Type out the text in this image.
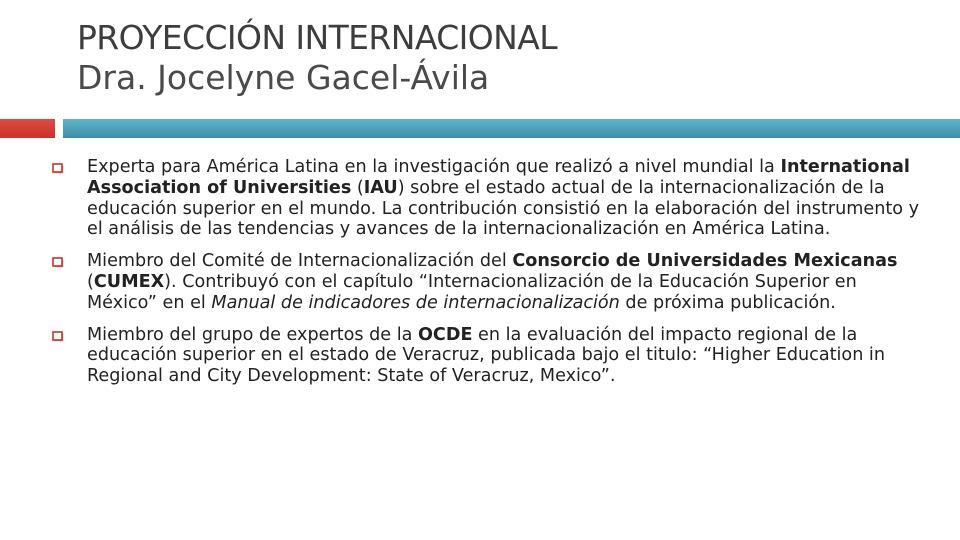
PROYECCIÓN INTERNACIONAL
Dra. Jocelyne Gacel-Ávila
Experta para América Latina en la investigación que realizó a nivel mundial la International Association of Universities (IAU) sobre el estado actual de la internacionalización de la educación superior en el mundo. La contribución consistió en la elaboración del instrumento y el análisis de las tendencias y avances de la internacionalización en América Latina.
Miembro del Comité de Internacionalización del Consorcio de Universidades Mexicanas (CUMEX). Contribuyó con el capítulo “Internacionalización de la Educación Superior en México” en el Manual de indicadores de internacionalización de próxima publicación.
Miembro del grupo de expertos de la OCDE en la evaluación del impacto regional de la educación superior en el estado de Veracruz, publicada bajo el titulo: “Higher Education in Regional and City Development: State of Veracruz, Mexico”.
